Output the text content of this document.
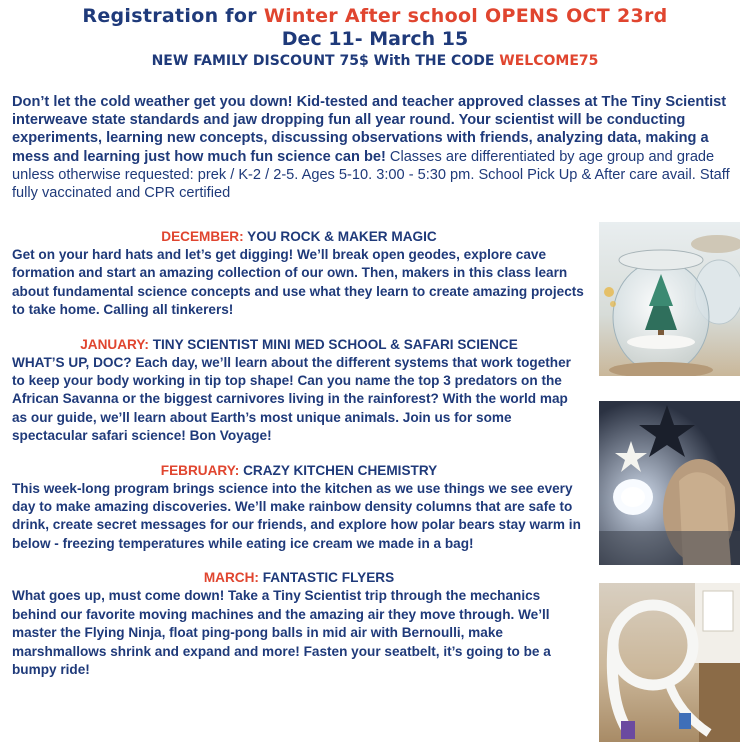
Registration for Winter After school OPENS OCT 23rd
Dec 11- March 15
NEW FAMILY DISCOUNT 75$ With THE CODE WELCOME75
Don’t let the cold weather get you down! Kid-tested and teacher approved classes at The Tiny Scientist interweave state standards and jaw dropping fun all year round. Your scientist will be conducting experiments, learning new concepts, discussing observations with friends, analyzing data, making a mess and learning just how much fun science can be! Classes are differentiated by age group and grade unless otherwise requested: prek / K-2 / 2-5. Ages 5-10. 3:00 - 5:30 pm. School Pick Up & After care avail. Staff fully vaccinated and CPR certified
DECEMBER: YOU ROCK & MAKER MAGIC
Get on your hard hats and let’s get digging! We’ll break open geodes, explore cave formation and start an amazing collection of our own. Then, makers in this class learn about fundamental science concepts and use what they learn to create amazing projects to take home. Calling all tinkerers!
JANUARY: TINY SCIENTIST MINI MED SCHOOL & SAFARI SCIENCE
WHAT’S UP, DOC? Each day, we’ll learn about the different systems that work together to keep your body working in tip top shape! Can you name the top 3 predators on the African Savanna or the biggest carnivores living in the rainforest? With the world map as our guide, we’ll learn about Earth’s most unique animals. Join us for some spectacular safari science! Bon Voyage!
FEBRUARY: CRAZY KITCHEN CHEMISTRY
This week-long program brings science into the kitchen as we use things we see every day to make amazing discoveries. We’ll make rainbow density columns that are safe to drink, create secret messages for our friends, and explore how polar bears stay warm in below - freezing temperatures while eating ice cream we made in a bag!
MARCH: FANTASTIC FLYERS
What goes up, must come down! Take a Tiny Scientist trip through the mechanics behind our favorite moving machines and the amazing air they move through. We’ll master the Flying Ninja, float ping-pong balls in mid air with Bernoulli, make marshmallows shrink and expand and more! Fasten your seatbelt, it’s going to be a bumpy ride!
